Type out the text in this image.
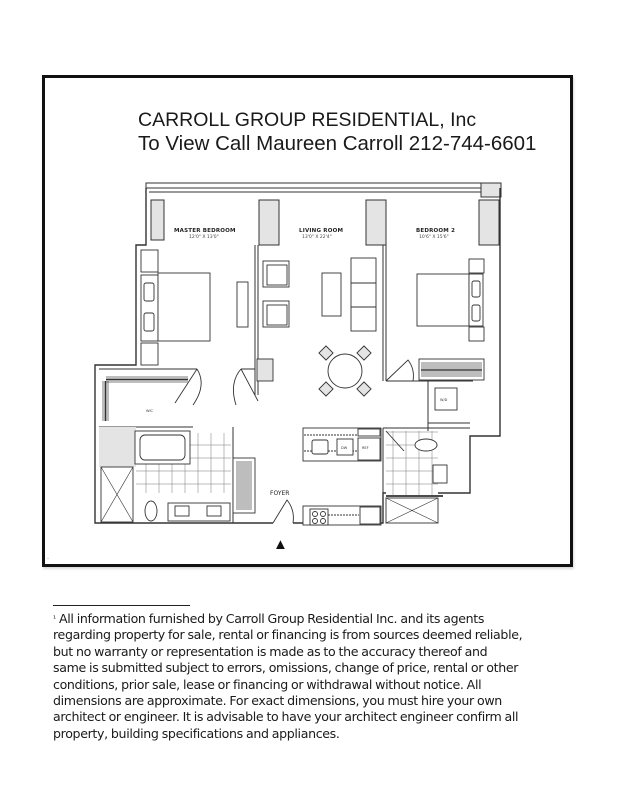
CARROLL GROUP RESIDENTIAL, Inc
To View Call Maureen Carroll 212-744-6601
WIC
W/D
DW	REF
▲
MASTER BEDROOM
12'0" X 13'0"
LIVING ROOM
13'0" X 22'4"
BEDROOM 2
10'6" X 15'6"
FOYER
·
¹ All information furnished by Carroll Group Residential Inc. and its agents
regarding property for sale, rental or financing is from sources deemed reliable,
but no warranty or representation is made as to the accuracy thereof and
same is submitted subject to errors, omissions, change of price, rental or other
conditions, prior sale, lease or financing or withdrawal without notice. All
dimensions are approximate. For exact dimensions, you must hire your own
architect or engineer. It is advisable to have your architect engineer confirm all
property, building specifications and appliances.
